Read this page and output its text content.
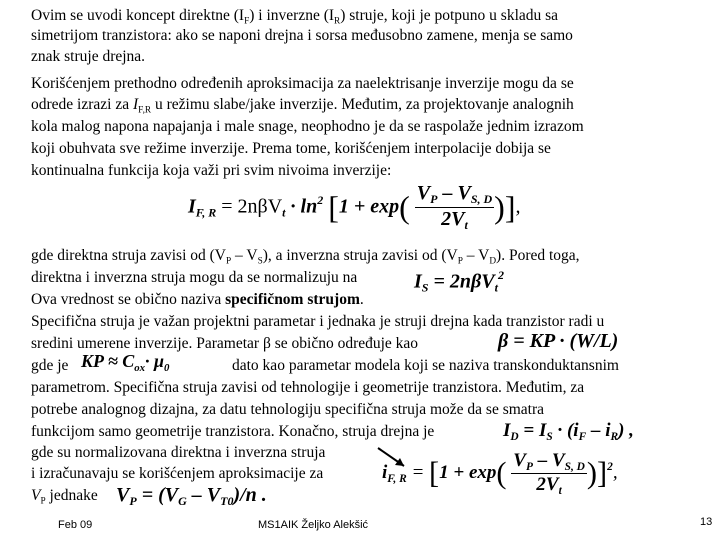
Ovim se uvodi koncept direktne $(I_F)$ i inverzne $(I_R)$ struje, koji je potpuno u skladu sa
simetrijom tranzistora: ako se naponi drejna i sorsa međusobno zamene, menja se samo
znak struje drejna.
Korišćenjem prethodno određenih aproksimacija za naelektrisanje inverzije mogu da se
odrede izrazi za $I_{F,R}$ u režimu slabe/jake inverzije. Međutim, za projektovanje analognih
kola malog napona napajanja i male snage, neophodno je da se raspolaže jednim izrazom
koji obuhvata sve režime inverzije. Prema tome, korišćenjem interpolacije dobija se
kontinualna funkcija koja važi pri svim nivoima inverzije:
$I_{F, R} = 2n\beta V_t \cdot \ln^2 [1 + \exp( \frac{V_P - V_{S, D}}{2V_t}$ )],
gde direktna struja zavisi od $(V_P - V_S)$, a inverzna struja zavisi od $(V_P - V_D)$. Pored toga,
direktna i inverzna struja mogu da se normalizuju na	$I_S = 2n\beta V_t^2$
Ova vrednost se obično naziva specifičnom strujom.
Specifična struja je važan projektni parametar i jednaka je struji drejna kada tranzistor radi u
sredini umerene inverzije. Parametar β se obično određuje kao	β = KP · (W/L)
gde je KP ≈ $C_{ox}\cdot \mu_0$	dato kao parametar modela koji se naziva transkonduktansnim
parametrom. Specifična struja zavisi od tehnologije i geometrije tranzistora. Međutim, za
potrebe analognog dizajna, za datu tehnologiju specifična struja može da se smatra
funkcijom samo geometrije tranzistora. Konačno, struja drejna je	$I_D = I_S \cdot (i_F - i_R)$ ,
gde su normalizovana direktna i inverzna struja
i izračunavaju se korišćenjem aproksimacije za	$i_{F, R} = [1 + \exp( \frac{V_P - V_{S, D}}{2V_t} )]^2$,
$V_P$ jednake $V_P = (V_G - V_{T0})/n$ .
Feb 09	MS1AIK Željko Alekšić	13
